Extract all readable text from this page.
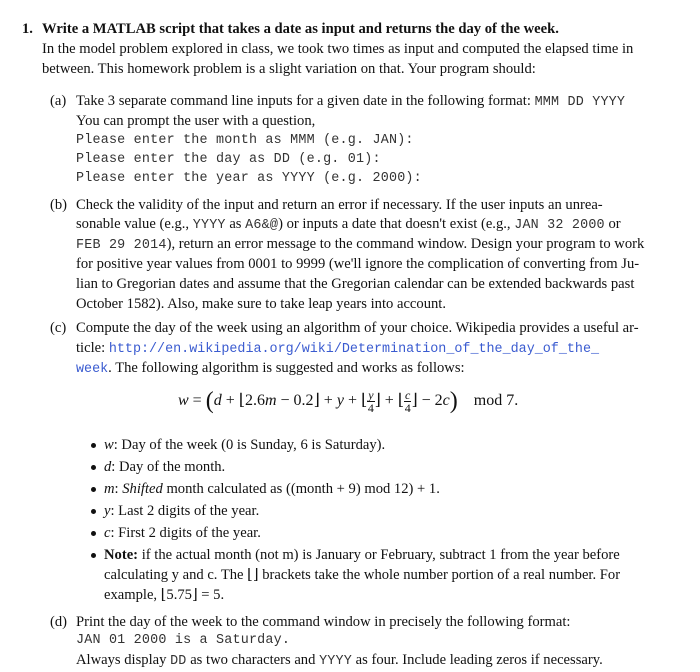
1. Write a MATLAB script that takes a date as input and returns the day of the week.
In the model problem explored in class, we took two times as input and computed the elapsed time in
between. This homework problem is a slight variation on that. Your program should:
(a) Take 3 separate command line inputs for a given date in the following format: MMM DD YYYY
You can prompt the user with a question,
Please enter the month as MMM (e.g. JAN):
Please enter the day as DD (e.g. 01):
Please enter the year as YYYY (e.g. 2000):
(b) Check the validity of the input and return an error if necessary. If the user inputs an unrea-
sonable value (e.g., YYYY as A6&@) or inputs a date that doesn't exist (e.g., JAN 32 2000 or
FEB 29 2014), return an error message to the command window. Design your program to work
for positive year values from 0001 to 9999 (we'll ignore the complication of converting from Ju-
lian to Gregorian dates and assume that the Gregorian calendar can be extended backwards past
October 1582). Also, make sure to take leap years into account.
(c) Compute the day of the week using an algorithm of your choice. Wikipedia provides a useful ar-
ticle: http://en.wikipedia.org/wiki/Determination_of_the_day_of_the_
week. The following algorithm is suggested and works as follows:
w = (d + ⌊2.6m − 0.2⌋ + y + ⌊ $\frac{y}{4}$ ⌋ + ⌊ $\frac{c}{4}$ ⌋ − 2c) mod 7.
w: Day of the week (0 is Sunday, 6 is Saturday).
d: Day of the month.
m: Shifted month calculated as ((month + 9) mod 12) + 1.
y: Last 2 digits of the year.
c: First 2 digits of the year.
Note: if the actual month (not m) is January or February, subtract 1 from the year before
calculating y and c. The ⌊⌋ brackets take the whole number portion of a real number. For
example, ⌊5.75⌋ = 5.
(d) Print the day of the week to the command window in precisely the following format:
JAN 01 2000 is a Saturday.
Always display DD as two characters and YYYY as four. Include leading zeros if necessary.
